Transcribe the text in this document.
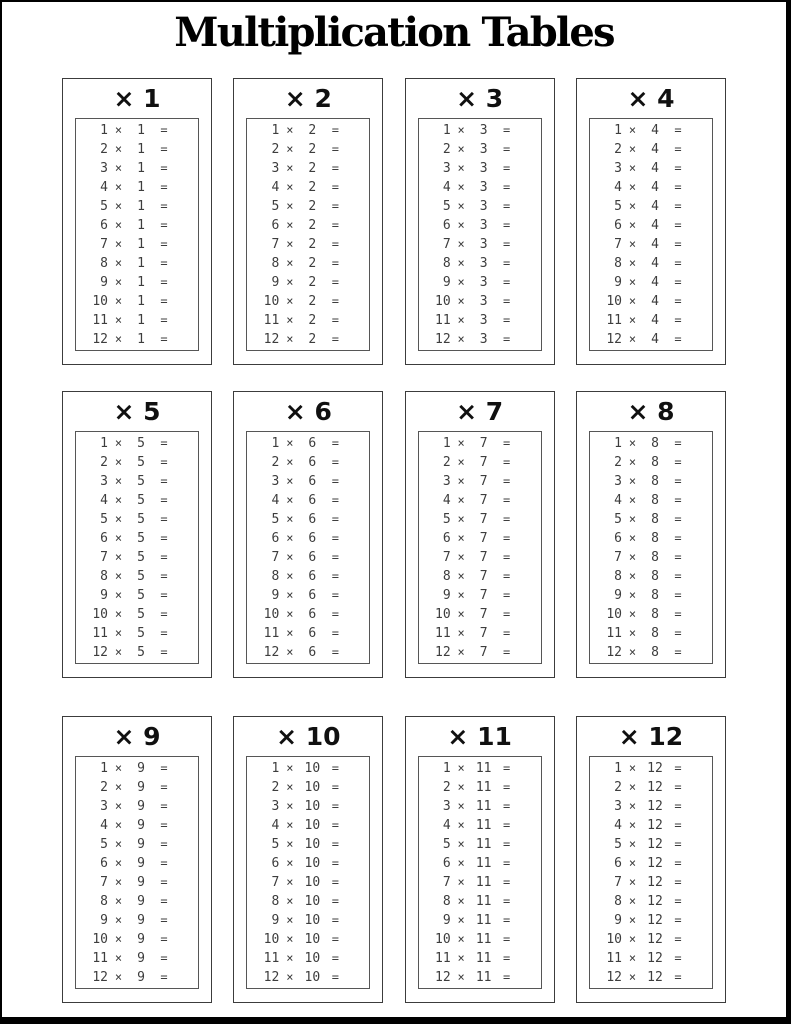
Multiplication Tables
× 1
1 ×	1	=
2 ×	1	=
3 ×	1	=
4 ×	1	=
5 ×	1	=
6 ×	1	=
7 ×	1	=
8 ×	1	=
9 ×	1	=
10 ×	1	=
11 ×	1	=
12 ×	1	=
× 2
1 ×	2	=
2 ×	2	=
3 ×	2	=
4 ×	2	=
5 ×	2	=
6 ×	2	=
7 ×	2	=
8 ×	2	=
9 ×	2	=
10 ×	2	=
11 ×	2	=
12 ×	2	=
× 3
1 ×	3	=
2 ×	3	=
3 ×	3	=
4 ×	3	=
5 ×	3	=
6 ×	3	=
7 ×	3	=
8 ×	3	=
9 ×	3	=
10 ×	3	=
11 ×	3	=
12 ×	3	=
× 4
1 ×	4	=
2 ×	4	=
3 ×	4	=
4 ×	4	=
5 ×	4	=
6 ×	4	=
7 ×	4	=
8 ×	4	=
9 ×	4	=
10 ×	4	=
11 ×	4	=
12 ×	4	=
× 5
1 ×	5	=
2 ×	5	=
3 ×	5	=
4 ×	5	=
5 ×	5	=
6 ×	5	=
7 ×	5	=
8 ×	5	=
9 ×	5	=
10 ×	5	=
11 ×	5	=
12 ×	5	=
× 6
1 ×	6	=
2 ×	6	=
3 ×	6	=
4 ×	6	=
5 ×	6	=
6 ×	6	=
7 ×	6	=
8 ×	6	=
9 ×	6	=
10 ×	6	=
11 ×	6	=
12 ×	6	=
× 7
1 ×	7	=
2 ×	7	=
3 ×	7	=
4 ×	7	=
5 ×	7	=
6 ×	7	=
7 ×	7	=
8 ×	7	=
9 ×	7	=
10 ×	7	=
11 ×	7	=
12 ×	7	=
× 8
1 ×	8	=
2 ×	8	=
3 ×	8	=
4 ×	8	=
5 ×	8	=
6 ×	8	=
7 ×	8	=
8 ×	8	=
9 ×	8	=
10 ×	8	=
11 ×	8	=
12 ×	8	=
× 9
1 ×	9	=
2 ×	9	=
3 ×	9	=
4 ×	9	=
5 ×	9	=
6 ×	9	=
7 ×	9	=
8 ×	9	=
9 ×	9	=
10 ×	9	=
11 ×	9	=
12 ×	9	=
× 10
1 × 10 =
2 × 10 =
3 × 10 =
4 × 10 =
5 × 10 =
6 × 10 =
7 × 10 =
8 × 10 =
9 × 10 =
10 × 10 =
11 × 10 =
12 × 10 =
× 11
1 × 11 =
2 × 11 =
3 × 11 =
4 × 11 =
5 × 11 =
6 × 11 =
7 × 11 =
8 × 11 =
9 × 11 =
10 × 11 =
11 × 11 =
12 × 11 =
× 12
1 × 12 =
2 × 12 =
3 × 12 =
4 × 12 =
5 × 12 =
6 × 12 =
7 × 12 =
8 × 12 =
9 × 12 =
10 × 12 =
11 × 12 =
12 × 12 =
